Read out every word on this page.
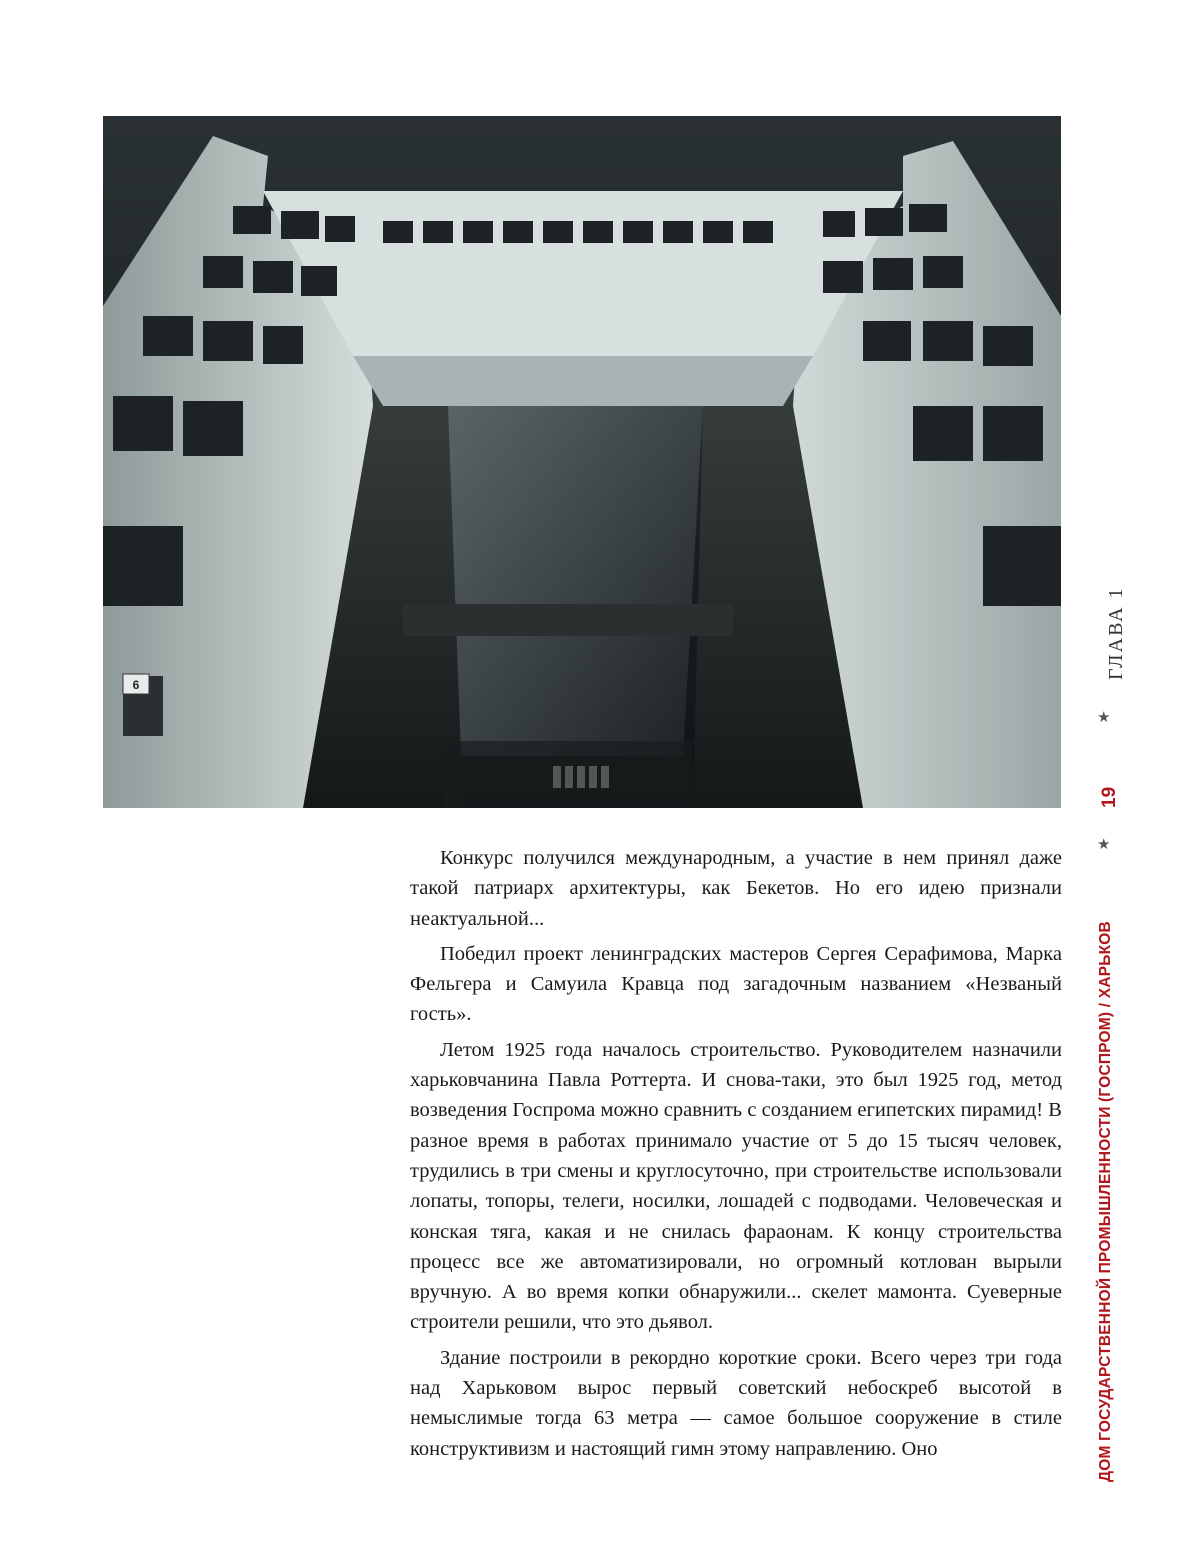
6

Конкурс получился международным, а участие в нем принял даже такой патриарх архитектуры, как Бекетов. Но его идею признали неактуальной...

Победил проект ленинградских мастеров Сергея Серафимова, Марка Фельгера и Самуила Кравца под загадочным названием «Незваный гость».

Летом 1925 года началось строительство. Руководителем назначили харьковчанина Павла Роттерта. И снова-таки, это был 1925 год, метод возведения Госпрома можно сравнить с созданием египетских пирамид! В разное время в работах принимало участие от 5 до 15 тысяч человек, трудились в три смены и круглосуточно, при строительстве использовали лопаты, топоры, телеги, носилки, лошадей с подводами. Человеческая и конская тяга, какая и не снилась фараонам. К концу строительства процесс все же автоматизировали, но огромный котлован вырыли вручную. А во время копки обнаружили... скелет мамонта. Суеверные строители решили, что это дьявол.

Здание построили в рекордно короткие сроки. Всего через три года над Харьковом вырос первый советский небоскреб высотой в немыслимые тогда 63 метра — самое большое сооружение в стиле конструктивизм и настоящий гимн этому направлению. Оно

ГЛАВА 1
19
ДОМ ГОСУДАРСТВЕННОЙ ПРОМЫШЛЕННОСТИ (ГОСПРОМ) / ХАРЬКОВ
★
★
